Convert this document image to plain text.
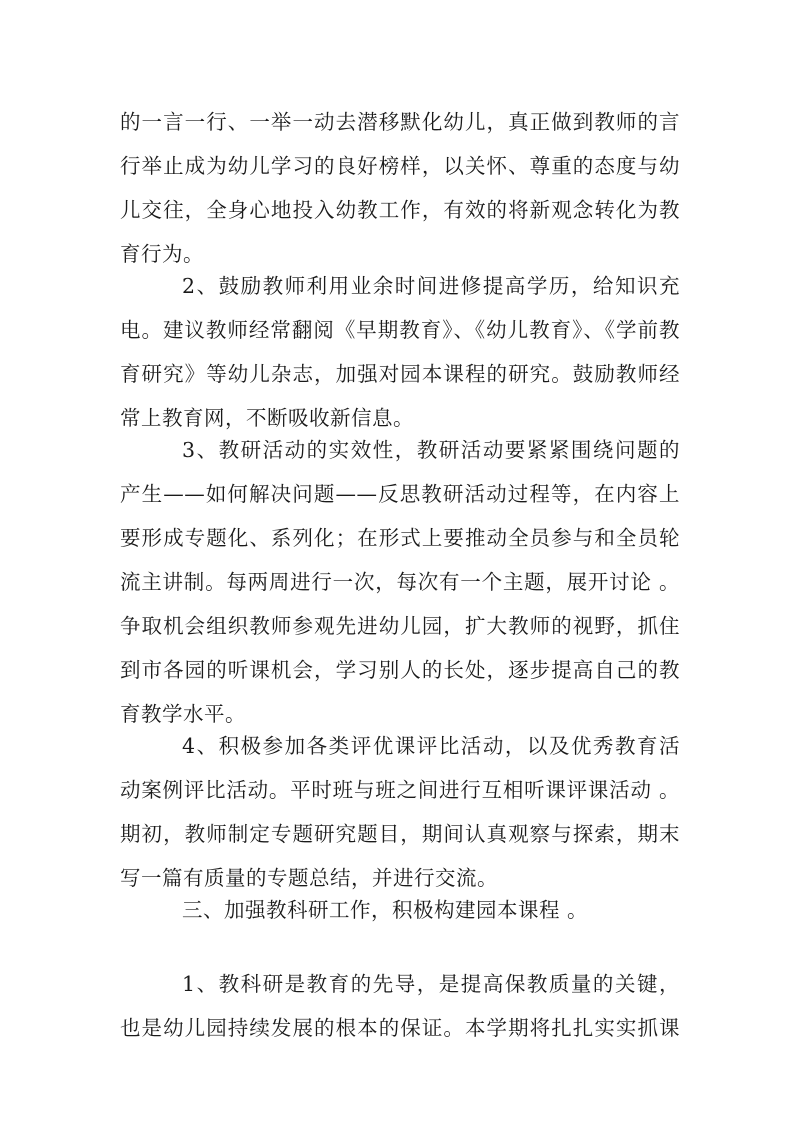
的一言一行、一举一动去潜移默化幼儿，真正做到教师的言
行举止成为幼儿学习的良好榜样，以关怀、尊重的态度与幼
儿交往，全身心地投入幼教工作，有效的将新观念转化为教
育行为。
2、鼓励教师利用业余时间进修提高学历，给知识充
电。建议教师经常翻阅《早期教育》、《幼儿教育》、《学前教
育研究》等幼儿杂志，加强对园本课程的研究。鼓励教师经
常上教育网，不断吸收新信息。
3、教研活动的实效性，教研活动要紧紧围绕问题的
产生——如何解决问题——反思教研活动过程等，在内容上
要形成专题化、系列化；在形式上要推动全员参与和全员轮
流主讲制。每两周进行一次，每次有一个主题，展开讨论 。
争取机会组织教师参观先进幼儿园，扩大教师的视野，抓住
到市各园的听课机会，学习别人的长处，逐步提高自己的教
育教学水平。
4、积极参加各类评优课评比活动，以及优秀教育活
动案例评比活动。平时班与班之间进行互相听课评课活动 。
期初，教师制定专题研究题目，期间认真观察与探索，期末
写一篇有质量的专题总结，并进行交流。
三、加强教科研工作，积极构建园本课程 。
1、教科研是教育的先导，是提高保教质量的关键，
也是幼儿园持续发展的根本的保证。本学期将扎扎实实抓课
